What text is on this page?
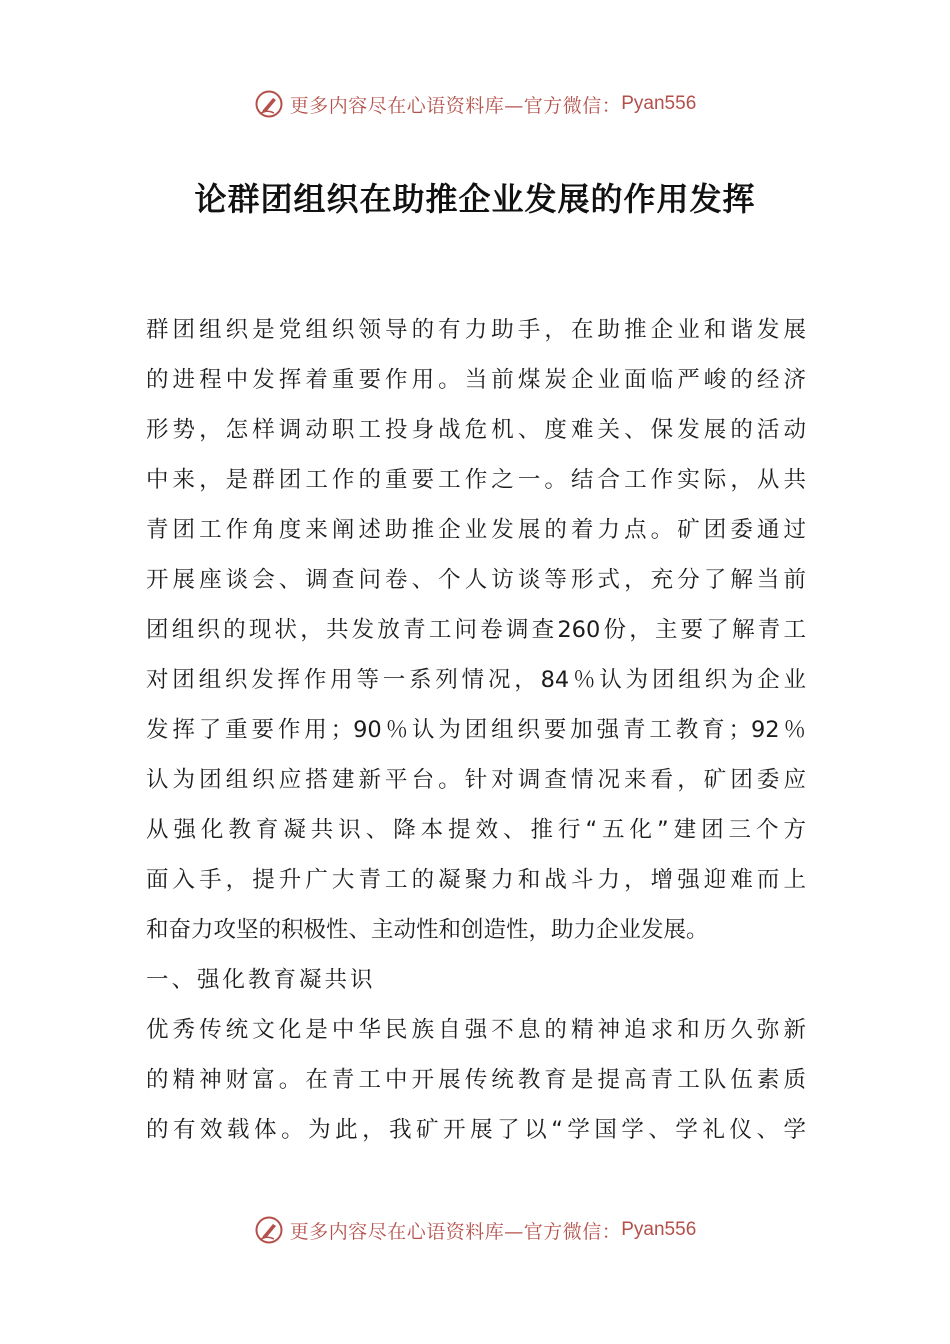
更多内容尽在心语资料库—官方微信： Pyan556
论群团组织在助推企业发展的作用发挥
群团组织是党组织领导的有力助手，在助推企业和谐发展
的进程中发挥着重要作用。当前煤炭企业面临严峻的经济
形势，怎样调动职工投身战危机、度难关、保发展的活动
中来，是群团工作的重要工作之一。结合工作实际，从共
青团工作角度来阐述助推企业发展的着力点。矿团委通过
开展座谈会、调查问卷、个人访谈等形式，充分了解当前
团组织的现状，共发放青工问卷调查260份，主要了解青工
对团组织发挥作用等一系列情况，84％认为团组织为企业
发挥了重要作用；90％认为团组织要加强青工教育；92％
认为团组织应搭建新平台。针对调查情况来看，矿团委应
从强化教育凝共识、降本提效、推行“五化”建团三个方
面入手，提升广大青工的凝聚力和战斗力，增强迎难而上
和奋力攻坚的积极性、主动性和创造性，助力企业发展。
一、强化教育凝共识
优秀传统文化是中华民族自强不息的精神追求和历久弥新
的精神财富。在青工中开展传统教育是提高青工队伍素质
的有效载体。为此，我矿开展了以“学国学、学礼仪、学
更多内容尽在心语资料库—官方微信： Pyan556
